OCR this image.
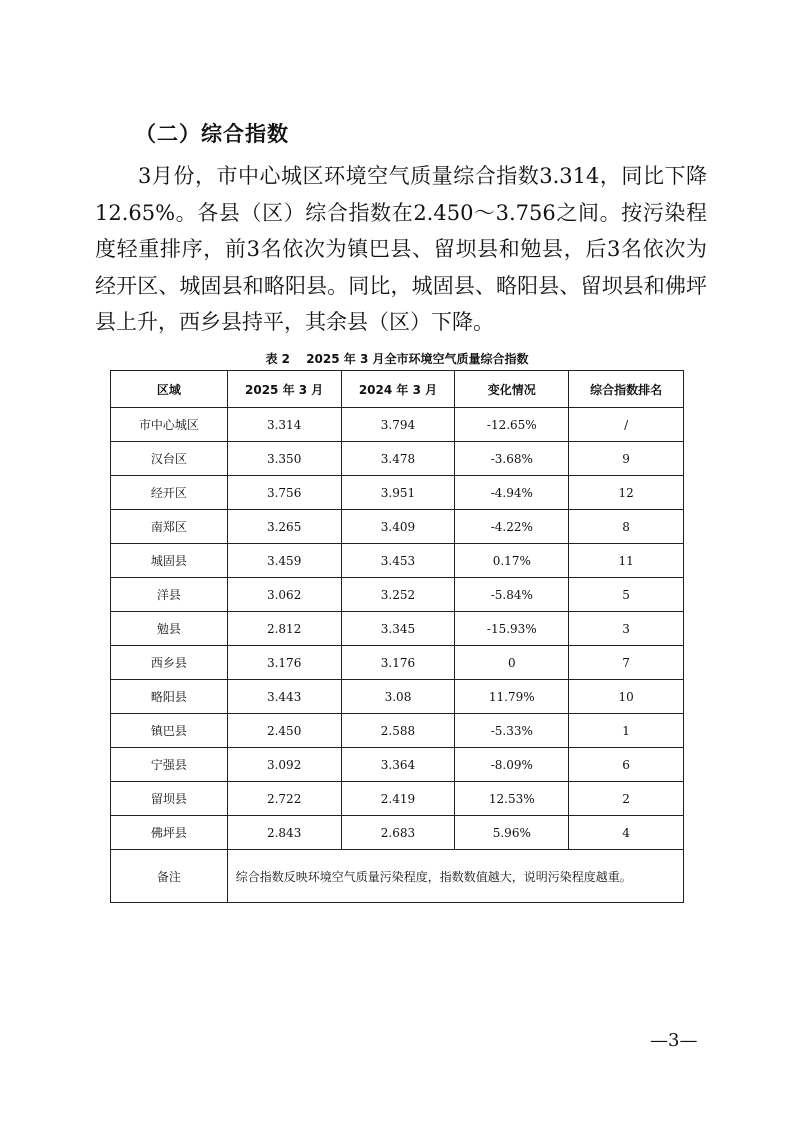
（二）综合指数

　　3月份，市中心城区环境空气质量综合指数3.314，同比下降12.65%。各县（区）综合指数在2.450～3.756之间。按污染程度轻重排序，前3名依次为镇巴县、留坝县和勉县，后3名依次为经开区、城固县和略阳县。同比，城固县、略阳县、留坝县和佛坪县上升，西乡县持平，其余县（区）下降。

表 2　 2025 年 3 月全市环境空气质量综合指数
区域	2025 年 3 月	2024 年 3 月	变化情况	综合指数排名
市中心城区	3.314	3.794	-12.65%	/
汉台区	3.350	3.478	-3.68%	9
经开区	3.756	3.951	-4.94%	12
南郑区	3.265	3.409	-4.22%	8
城固县	3.459	3.453	0.17%	11
洋县	3.062	3.252	-5.84%	5
勉县	2.812	3.345	-15.93%	3
西乡县	3.176	3.176	0	7
略阳县	3.443	3.08	11.79%	10
镇巴县	2.450	2.588	-5.33%	1
宁强县	3.092	3.364	-8.09%	6
留坝县	2.722	2.419	12.53%	2
佛坪县	2.843	2.683	5.96%	4
备注	综合指数反映环境空气质量污染程度，指数数值越大，说明污染程度越重。			
—3—
